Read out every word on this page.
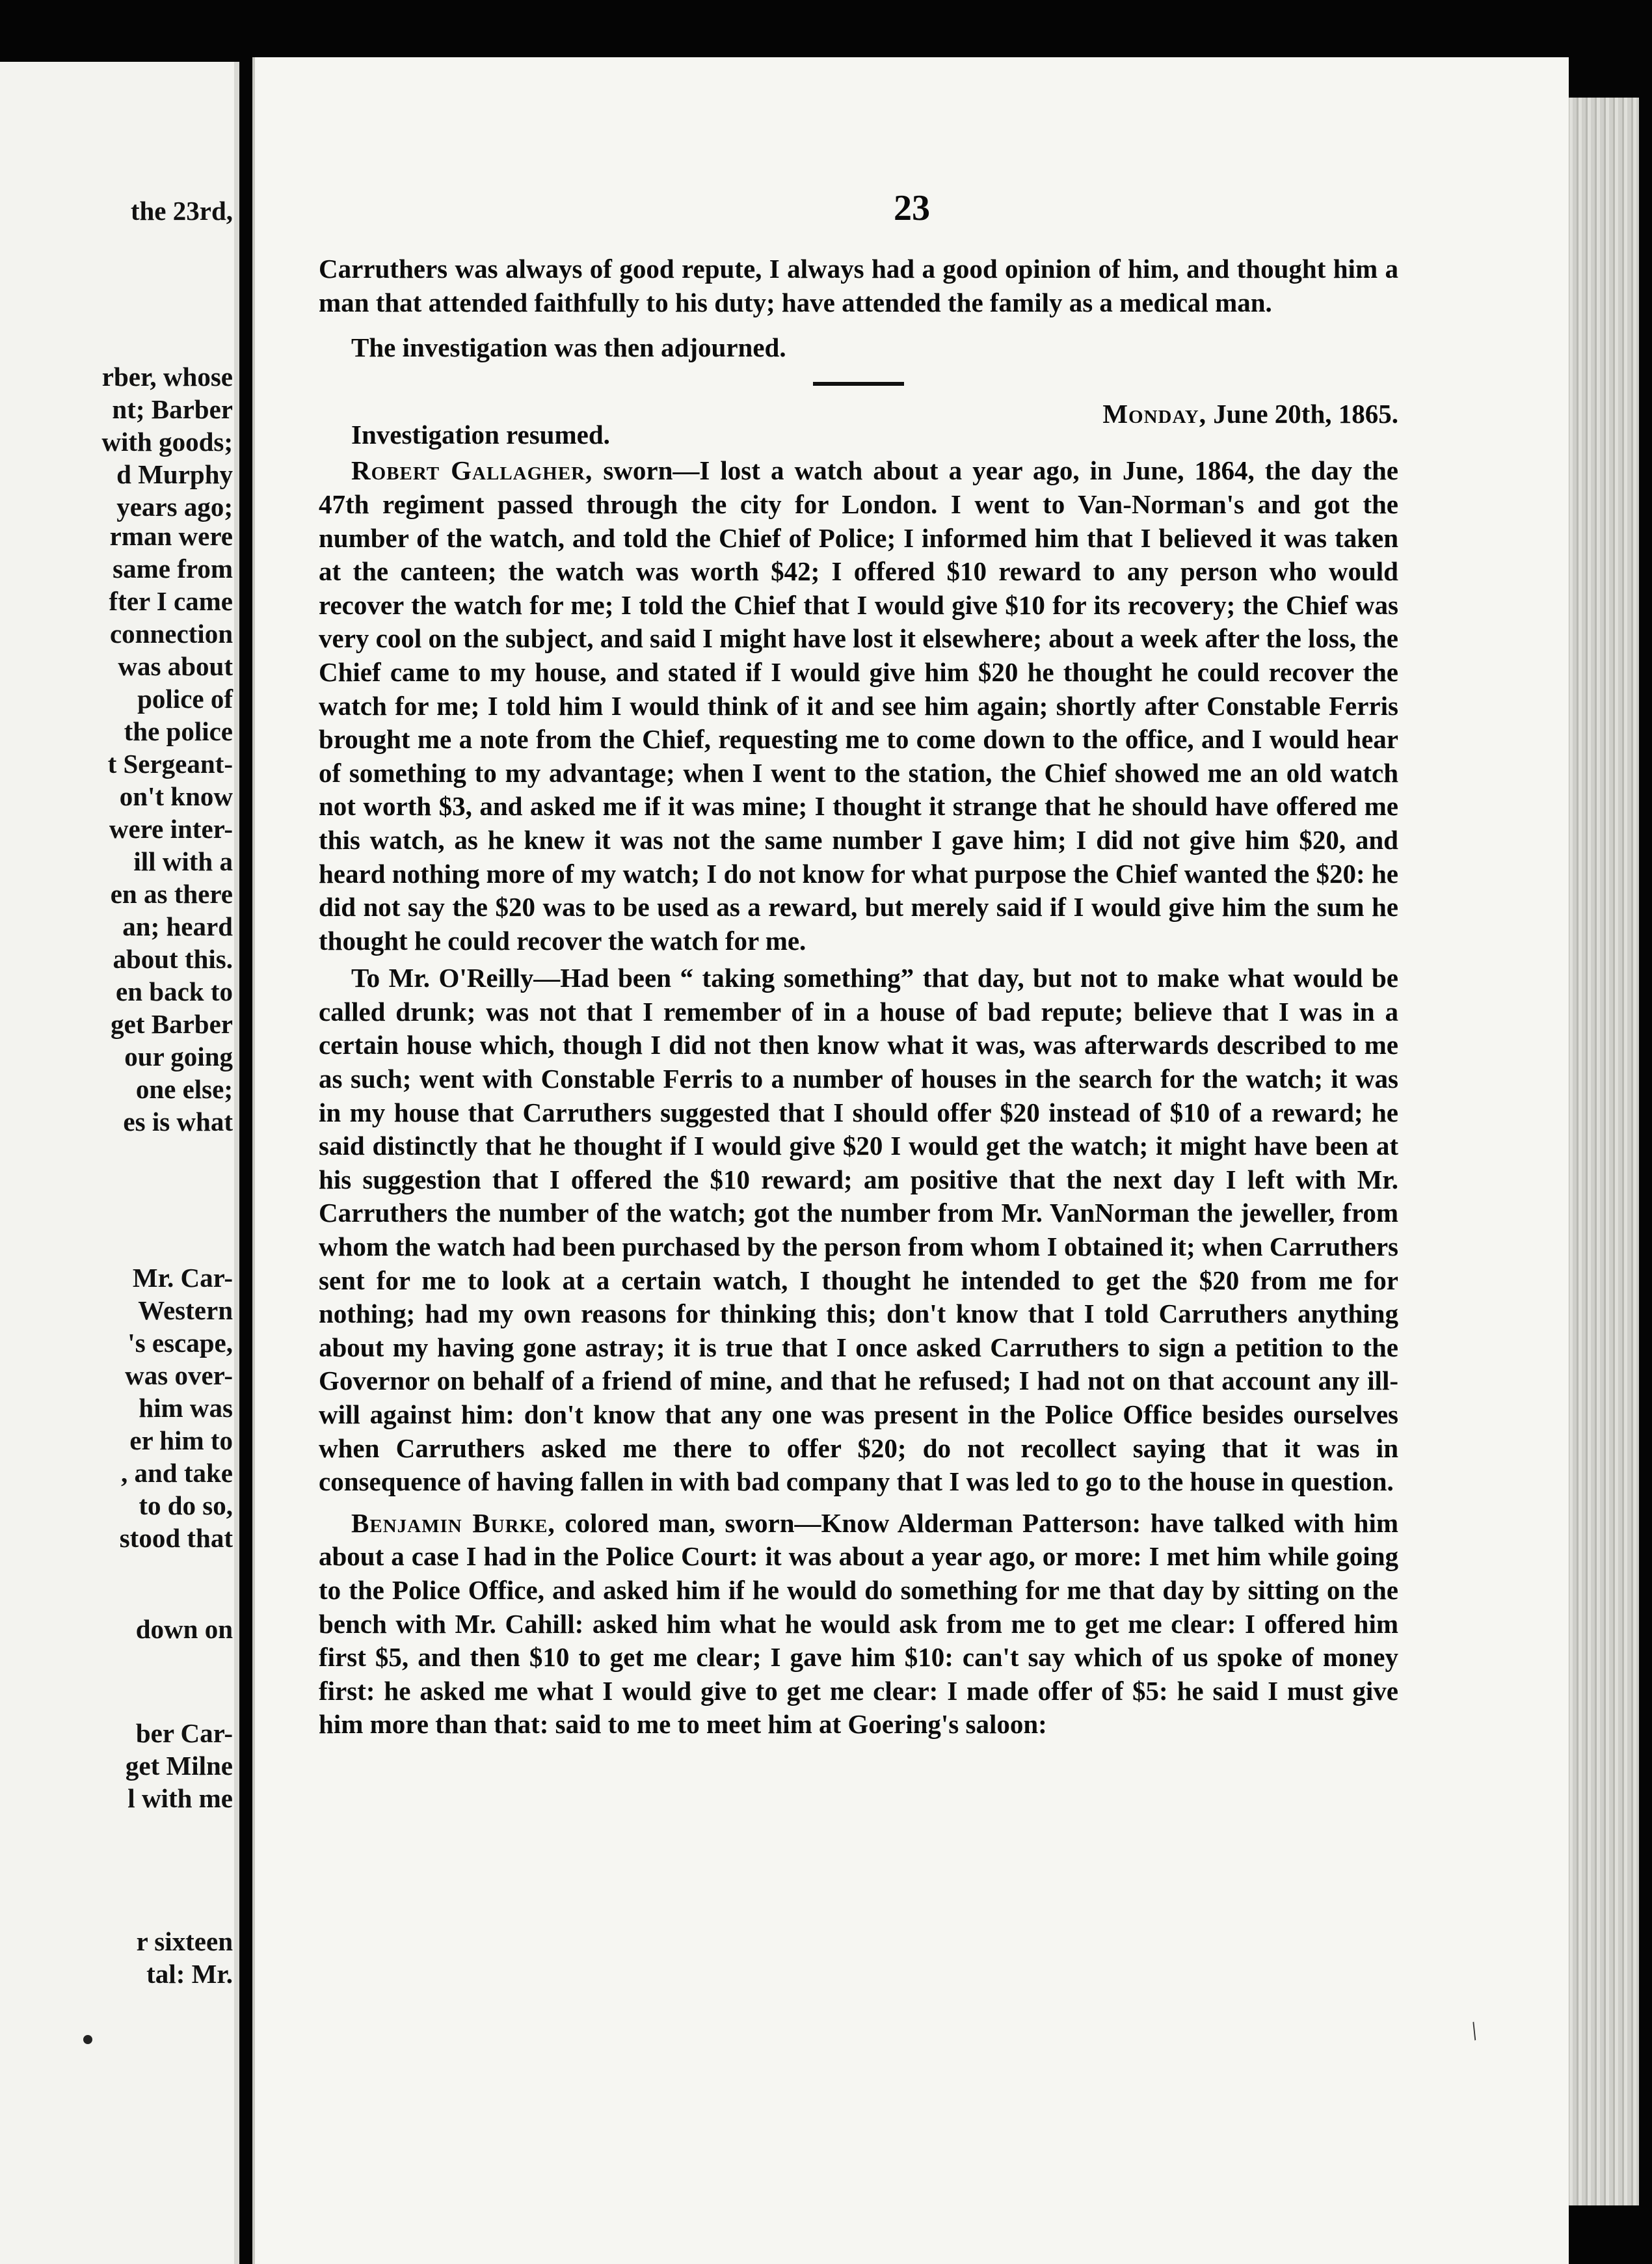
the 23rd,
rber, whose
nt; Barber
with goods;
d Murphy
years ago;
rman were
same from
fter I came
connection
was about
police of
the police
t Sergeant-
on't know
were inter-
ill with a
en as there
an; heard
about this.
en back to
get Barber
our going
one else;
es is what
Mr. Car-
Western
's escape,
was over-
him was
er him to
, and take
to do so,
stood that
down on
ber Car-
get Milne
l with me
r sixteen
tal: Mr.
23

Carruthers was always of good repute, I always had a good opinion of him, and thought him a man that attended faithfully to his duty; have attended the family as a medical man.

The investigation was then adjourned.

Investigation resumed.
Monday, June 20th, 1865.

Robert Gallagher, sworn—I lost a watch about a year ago, in June, 1864, the day the 47th regiment passed through the city for London. I went to Van-Norman's and got the number of the watch, and told the Chief of Police; I informed him that I believed it was taken at the canteen; the watch was worth $42; I offered $10 reward to any person who would recover the watch for me; I told the Chief that I would give $10 for its recovery; the Chief was very cool on the subject, and said I might have lost it elsewhere; about a week after the loss, the Chief came to my house, and stated if I would give him $20 he thought he could recover the watch for me; I told him I would think of it and see him again; shortly after Constable Ferris brought me a note from the Chief, requesting me to come down to the office, and I would hear of something to my advantage; when I went to the station, the Chief showed me an old watch not worth $3, and asked me if it was mine; I thought it strange that he should have offered me this watch, as he knew it was not the same number I gave him; I did not give him $20, and heard nothing more of my watch; I do not know for what purpose the Chief wanted the $20: he did not say the $20 was to be used as a reward, but merely said if I would give him the sum he thought he could recover the watch for me.

To Mr. O'Reilly—Had been “ taking something” that day, but not to make what would be called drunk; was not that I remember of in a house of bad repute; believe that I was in a certain house which, though I did not then know what it was, was afterwards described to me as such; went with Constable Ferris to a number of houses in the search for the watch; it was in my house that Carruthers suggested that I should offer $20 instead of $10 of a reward; he said distinctly that he thought if I would give $20 I would get the watch; it might have been at his suggestion that I offered the $10 reward; am positive that the next day I left with Mr. Carruthers the number of the watch; got the number from Mr. VanNorman the jeweller, from whom the watch had been purchased by the person from whom I obtained it; when Carruthers sent for me to look at a certain watch, I thought he intended to get the $20 from me for nothing; had my own reasons for thinking this; don't know that I told Carruthers anything about my having gone astray; it is true that I once asked Carruthers to sign a petition to the Governor on behalf of a friend of mine, and that he refused; I had not on that account any ill-will against him: don't know that any one was present in the Police Office besides ourselves when Carruthers asked me there to offer $20; do not recollect saying that it was in consequence of having fallen in with bad company that I was led to go to the house in question.

Benjamin Burke, colored man, sworn—Know Alderman Patterson: have talked with him about a case I had in the Police Court: it was about a year ago, or more: I met him while going to the Police Office, and asked him if he would do something for me that day by sitting on the bench with Mr. Cahill: asked him what he would ask from me to get me clear: I offered him first $5, and then $10 to get me clear; I gave him $10: can't say which of us spoke of money first: he asked me what I would give to get me clear: I made offer of $5: he said I must give him more than that: said to me to meet him at Goering's saloon:

/
